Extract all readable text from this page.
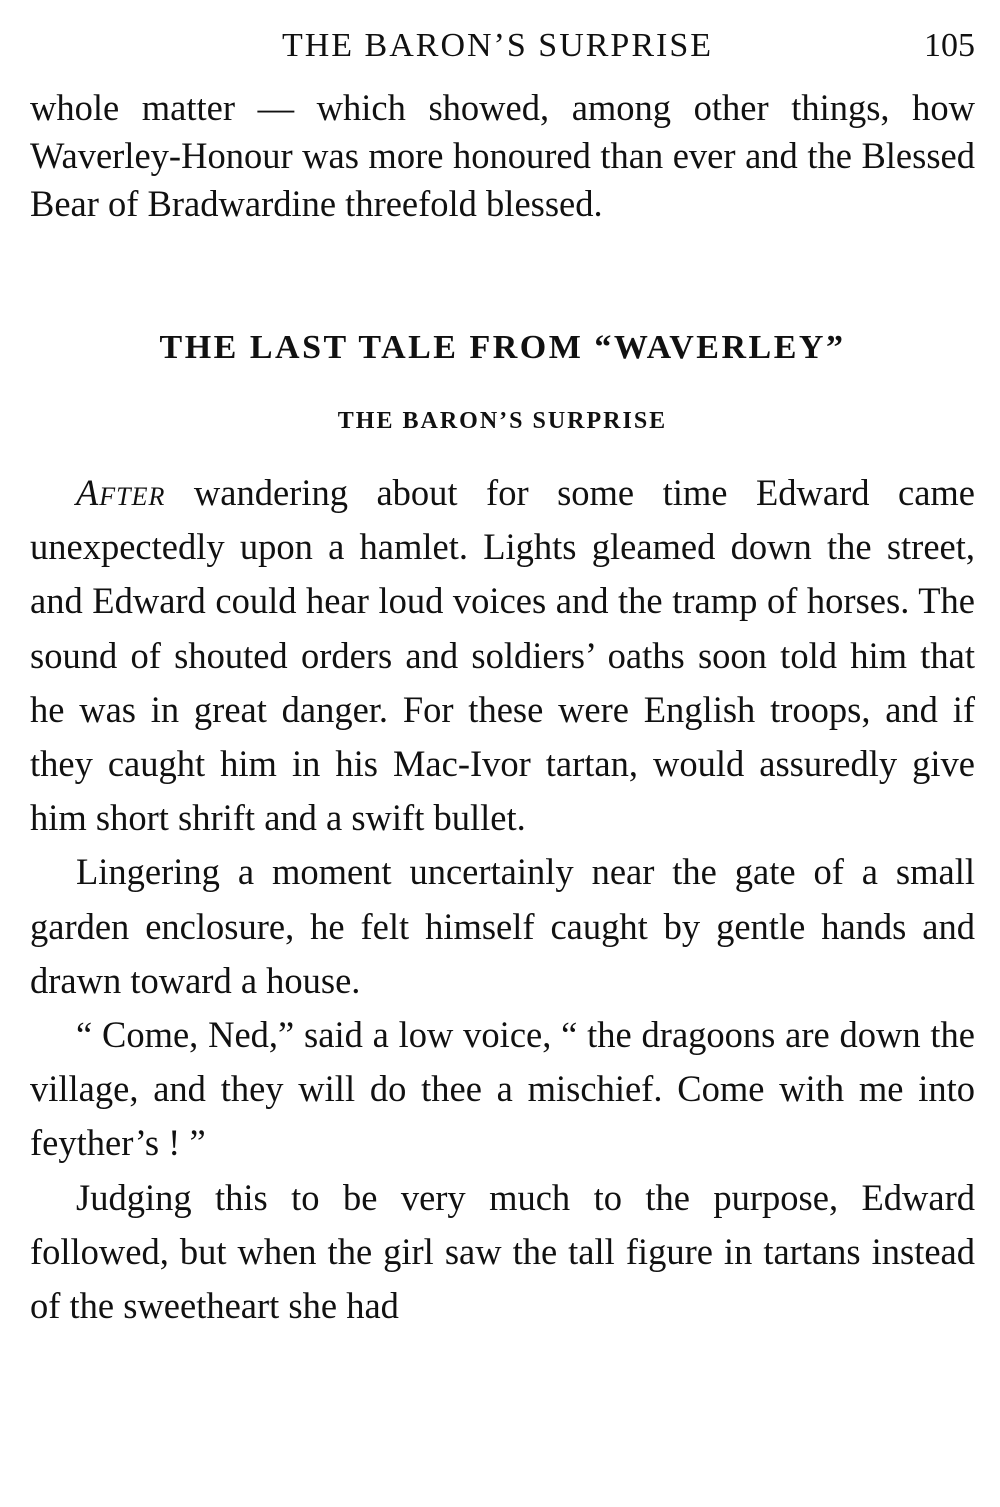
THE BARON’S SURPRISE	105

whole matter — which showed, among other things, how Waverley-Honour was more honoured than ever and the Blessed Bear of Bradwardine threefold blessed.

THE LAST TALE FROM “WAVERLEY”
THE BARON’S SURPRISE

After wandering about for some time Edward came unexpectedly upon a hamlet. Lights gleamed down the street, and Edward could hear loud voices and the tramp of horses. The sound of shouted orders and soldiers’ oaths soon told him that he was in great danger. For these were English troops, and if they caught him in his Mac-Ivor tartan, would assuredly give him short shrift and a swift bullet.

Lingering a moment uncertainly near the gate of a small garden enclosure, he felt himself caught by gentle hands and drawn toward a house.

“ Come, Ned,” said a low voice, “ the dragoons are down the village, and they will do thee a mischief. Come with me into feyther’s ! ”

Judging this to be very much to the purpose, Edward followed, but when the girl saw the tall figure in tartans instead of the sweetheart she had
